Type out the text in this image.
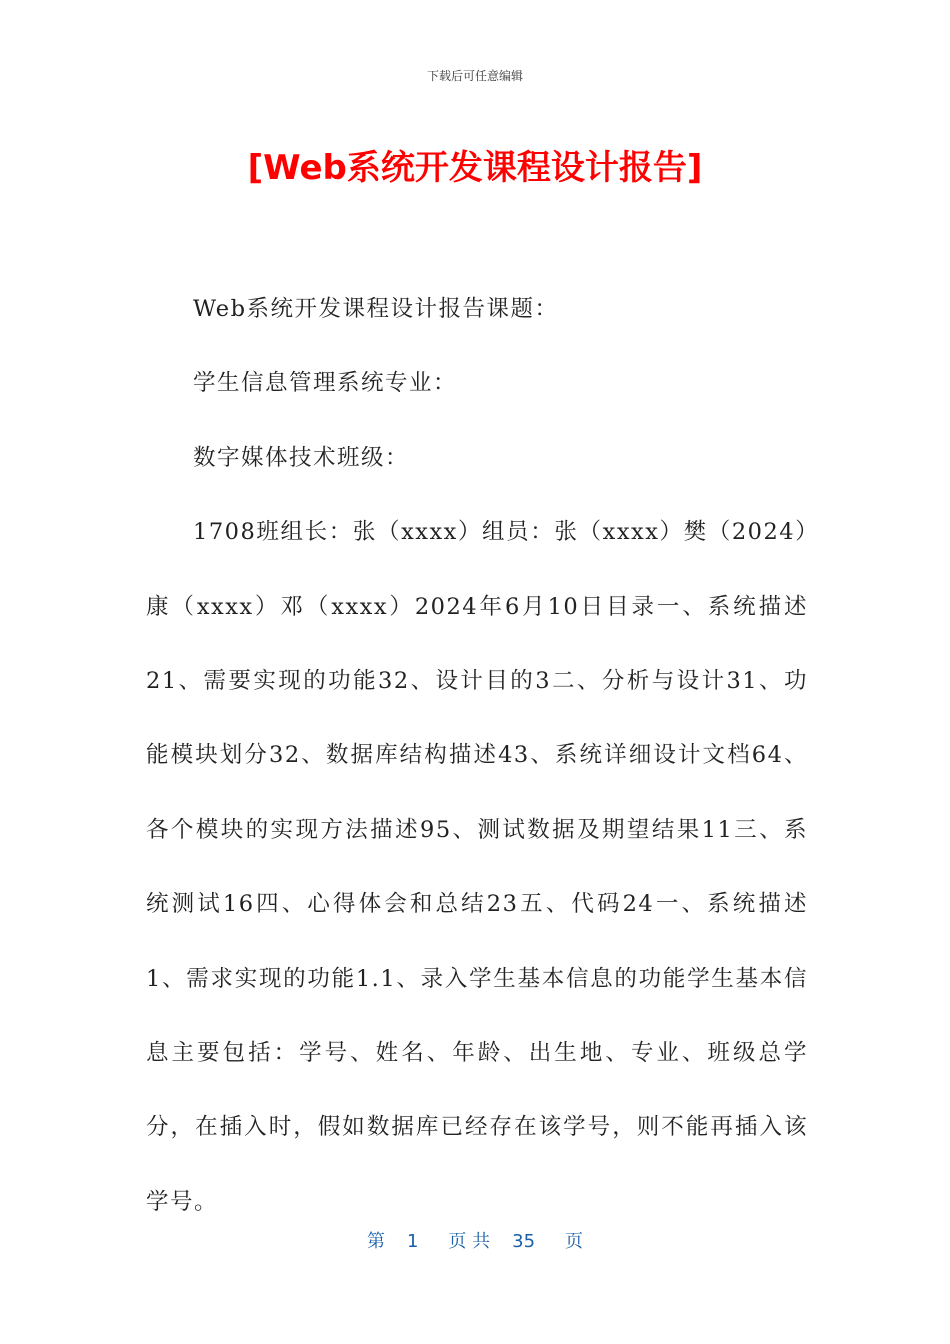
下载后可任意编辑
[Web系统开发课程设计报告]

Web系统开发课程设计报告课题：

学生信息管理系统专业：

数字媒体技术班级：

1708班组长：张（xxxx）组员：张（xxxx）樊（2024）康（xxxx）邓（xxxx）2024年6月10日目录一、系统描述21、需要实现的功能32、设计目的3二、分析与设计31、功能模块划分32、数据库结构描述43、系统详细设计文档64、各个模块的实现方法描述95、测试数据及期望结果11三、系统测试16四、心得体会和总结23五、代码24一、系统描述1、需求实现的功能1.1、录入学生基本信息的功能学生基本信息主要包括：学号、姓名、年龄、出生地、专业、班级总学分，在插入时，假如数据库已经存在该学号，则不能再插入该学号。

第 1 页 共 35 页
